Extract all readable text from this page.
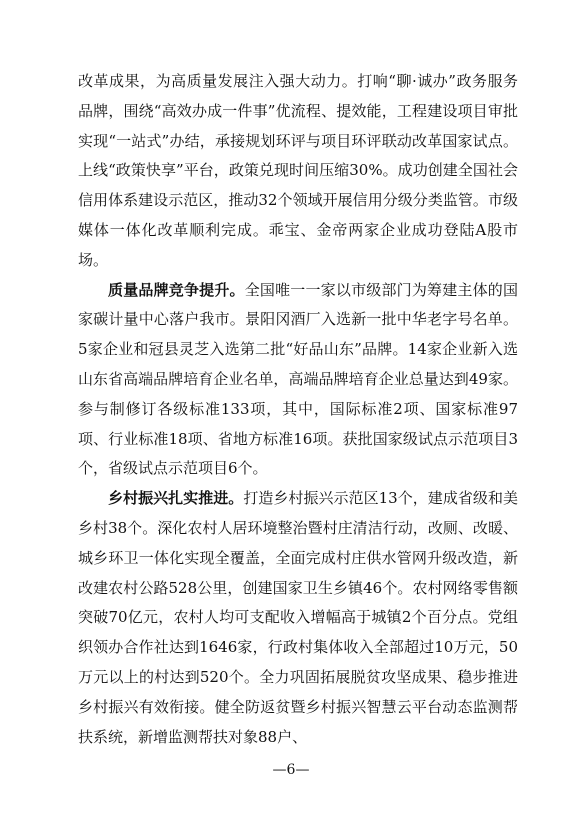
改革成果，为高质量发展注入强大动力。打响“聊·诚办”政务服务品牌，围绕“高效办成一件事”优流程、提效能，工程建设项目审批实现“一站式”办结，承接规划环评与项目环评联动改革国家试点。上线“政策快享”平台，政策兑现时间压缩30%。成功创建全国社会信用体系建设示范区，推动32个领域开展信用分级分类监管。市级媒体一体化改革顺利完成。乖宝、金帝两家企业成功登陆A股市场。

质量品牌竞争提升。全国唯一一家以市级部门为筹建主体的国家碳计量中心落户我市。景阳冈酒厂入选新一批中华老字号名单。5家企业和冠县灵芝入选第二批“好品山东”品牌。14家企业新入选山东省高端品牌培育企业名单，高端品牌培育企业总量达到49家。参与制修订各级标准133项，其中，国际标准2项、国家标准97项、行业标准18项、省地方标准16项。获批国家级试点示范项目3个，省级试点示范项目6个。

乡村振兴扎实推进。打造乡村振兴示范区13个，建成省级和美乡村38个。深化农村人居环境整治暨村庄清洁行动，改厕、改暖、城乡环卫一体化实现全覆盖，全面完成村庄供水管网升级改造，新改建农村公路528公里，创建国家卫生乡镇46个。农村网络零售额突破70亿元，农村人均可支配收入增幅高于城镇2个百分点。党组织领办合作社达到1646家，行政村集体收入全部超过10万元，50万元以上的村达到520个。全力巩固拓展脱贫攻坚成果、稳步推进乡村振兴有效衔接。健全防返贫暨乡村振兴智慧云平台动态监测帮扶系统，新增监测帮扶对象88户、

—6—
